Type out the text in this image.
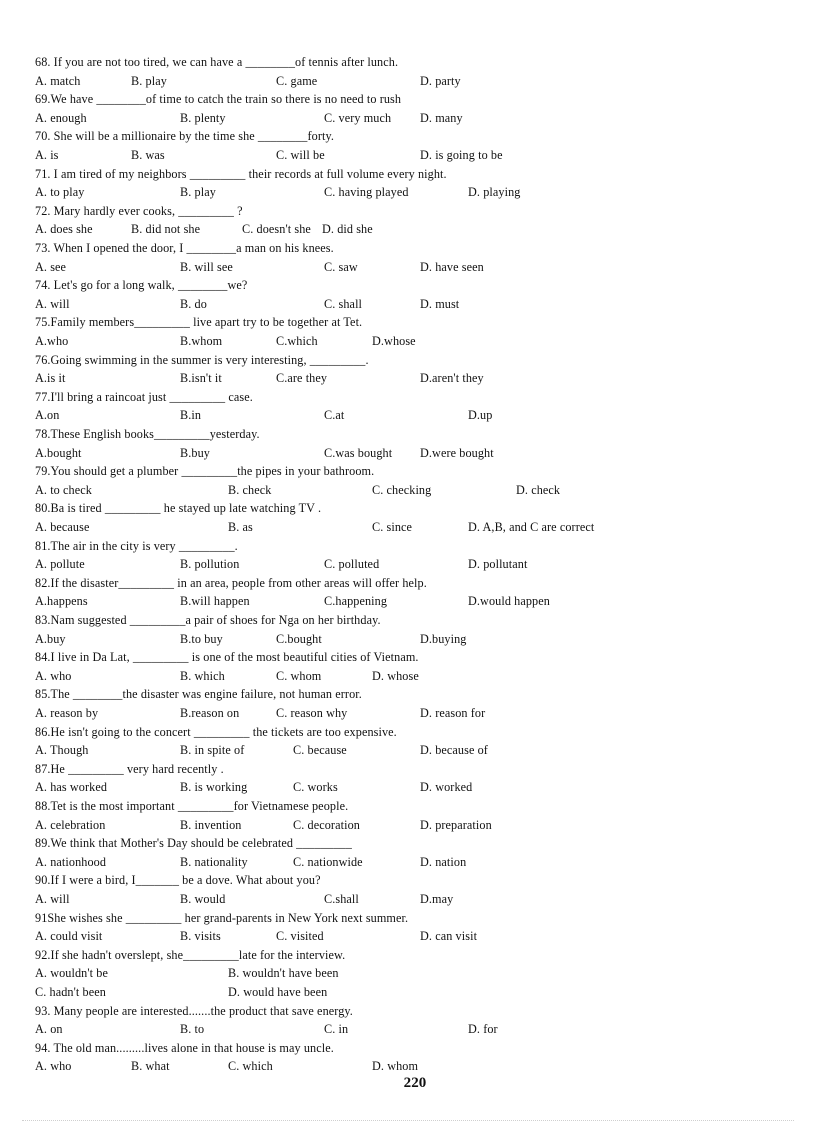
68. If you are not too tired, we can have a ________of tennis after lunch.
A. match	B. play	C. game	D. party
69.We have ________of time to catch the train so there is no need to rush
A. enough	B. plenty	C. very much D. many
70. She will be a millionaire by the time she ________forty.
A. is	B. was	C. will be	D. is going to be
71. I am tired of my neighbors _________ their records at full volume every night.
A. to play	B. play	C. having played	D. playing
72. Mary hardly ever cooks, _________ ?
A. does she	B. did not she	C. doesn't she D. did she
73. When I opened the door, I ________a man on his knees.
A. see	B. will see	C. saw	D. have seen
74. Let's go for a long walk, ________we?
A. will	B. do	C. shall	D. must
75.Family members_________ live apart try to be together at Tet.
A.who	B.whom	C.which	D.whose
76.Going swimming in the summer is very interesting, _________.
A.is it	B.isn't it	C.are they	D.aren't they
77.I'll bring a raincoat just _________ case.
A.on	B.in	C.at	D.up
78.These English books_________yesterday.
A.bought	B.buy	C.was bought D.were bought
79.You should get a plumber _________the pipes in your bathroom.
A. to check	B. check	C. checking	D. check
80.Ba is tired _________ he stayed up late watching TV .
A. because	B. as	C. since	D. A,B, and C are correct
81.The air in the city is very _________.
A. pollute	B. pollution	C. polluted	D. pollutant
82.If the disaster_________ in an area, people from other areas will offer help.
A.happens	B.will happen	C.happening	D.would happen
83.Nam suggested _________a pair of shoes for Nga on her birthday.
A.buy	B.to buy	C.bought	D.buying
84.I live in Da Lat, _________ is one of the most beautiful cities of Vietnam.
A. who	B. which	C. whom	D. whose
85.The ________the disaster was engine failure, not human error.
A. reason by	B.reason on	C. reason why	D. reason for
86.He isn't going to the concert _________ the tickets are too expensive.
A. Though	B. in spite of	C. because	D. because of
87.He _________ very hard recently .
A. has worked	B. is working	C. works	D. worked
88.Tet is the most important _________for Vietnamese people.
A. celebration	B. invention	C. decoration	D. preparation
89.We think that Mother's Day should be celebrated _________
A. nationhood	B. nationality	C. nationwide	D. nation
90.If I were a bird, I_______ be a dove. What about you?
A. will	B. would	C.shall	D.may
91She wishes she _________ her grand-parents in New York next summer.
A. could visit	B. visits	C. visited	D. can visit
92.If she hadn't overslept, she_________late for the interview.
A. wouldn't be	B. wouldn't have been
C. hadn't been	D. would have been
93. Many people are interested.......the product that save energy.
A. on	B. to	C. in	D. for
94. The old man.........lives alone in that house is may uncle.
A. who	B. what	C. which	D. whom
220
